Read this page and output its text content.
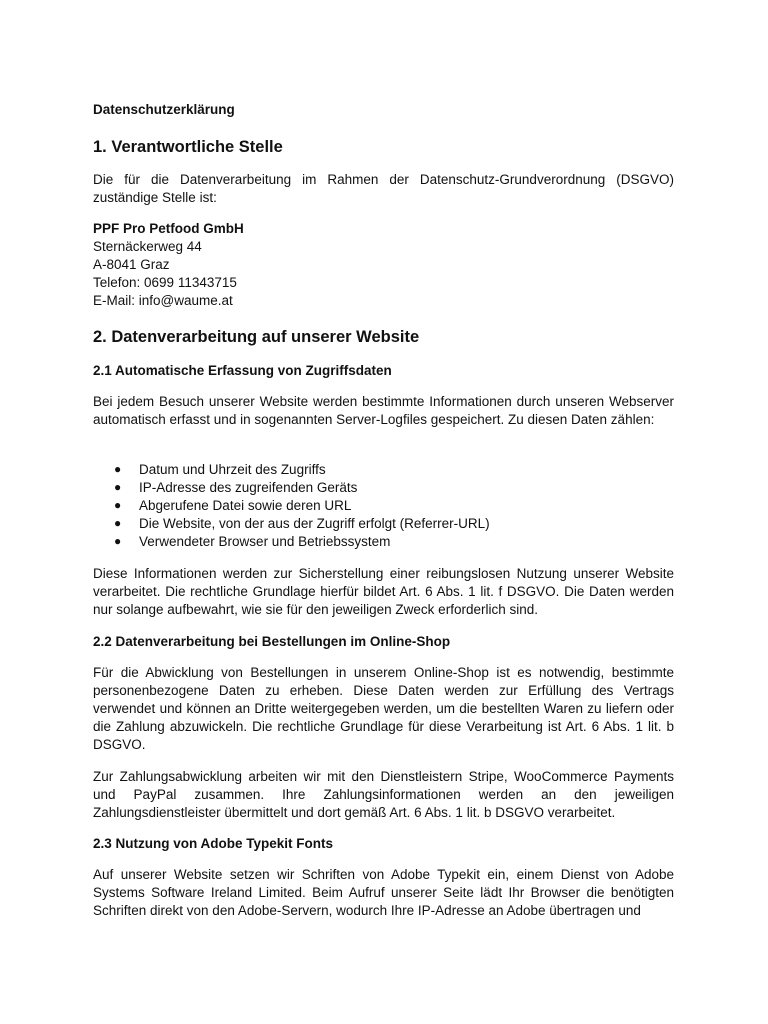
Datenschutzerklärung
1. Verantwortliche Stelle
Die für die Datenverarbeitung im Rahmen der Datenschutz-Grundverordnung (DSGVO) zuständige Stelle ist:
PPF Pro Petfood GmbH
Sternäckerweg 44
A-8041 Graz
Telefon: 0699 11343715
E-Mail: info@waume.at
2. Datenverarbeitung auf unserer Website
2.1 Automatische Erfassung von Zugriffsdaten
Bei jedem Besuch unserer Website werden bestimmte Informationen durch unseren Webserver automatisch erfasst und in sogenannten Server-Logfiles gespeichert. Zu diesen Daten zählen:
● Datum und Uhrzeit des Zugriffs
● IP-Adresse des zugreifenden Geräts
● Abgerufene Datei sowie deren URL
● Die Website, von der aus der Zugriff erfolgt (Referrer-URL)
● Verwendeter Browser und Betriebssystem
Diese Informationen werden zur Sicherstellung einer reibungslosen Nutzung unserer Website verarbeitet. Die rechtliche Grundlage hierfür bildet Art. 6 Abs. 1 lit. f DSGVO. Die Daten werden nur solange aufbewahrt, wie sie für den jeweiligen Zweck erforderlich sind.
2.2 Datenverarbeitung bei Bestellungen im Online-Shop
Für die Abwicklung von Bestellungen in unserem Online-Shop ist es notwendig, bestimmte personenbezogene Daten zu erheben. Diese Daten werden zur Erfüllung des Vertrags verwendet und können an Dritte weitergegeben werden, um die bestellten Waren zu liefern oder die Zahlung abzuwickeln. Die rechtliche Grundlage für diese Verarbeitung ist Art. 6 Abs. 1 lit. b DSGVO.
Zur Zahlungsabwicklung arbeiten wir mit den Dienstleistern Stripe, WooCommerce Payments und PayPal zusammen. Ihre Zahlungsinformationen werden an den jeweiligen Zahlungsdienstleister übermittelt und dort gemäß Art. 6 Abs. 1 lit. b DSGVO verarbeitet.
2.3 Nutzung von Adobe Typekit Fonts
Auf unserer Website setzen wir Schriften von Adobe Typekit ein, einem Dienst von Adobe Systems Software Ireland Limited. Beim Aufruf unserer Seite lädt Ihr Browser die benötigten Schriften direkt von den Adobe-Servern, wodurch Ihre IP-Adresse an Adobe übertragen und
